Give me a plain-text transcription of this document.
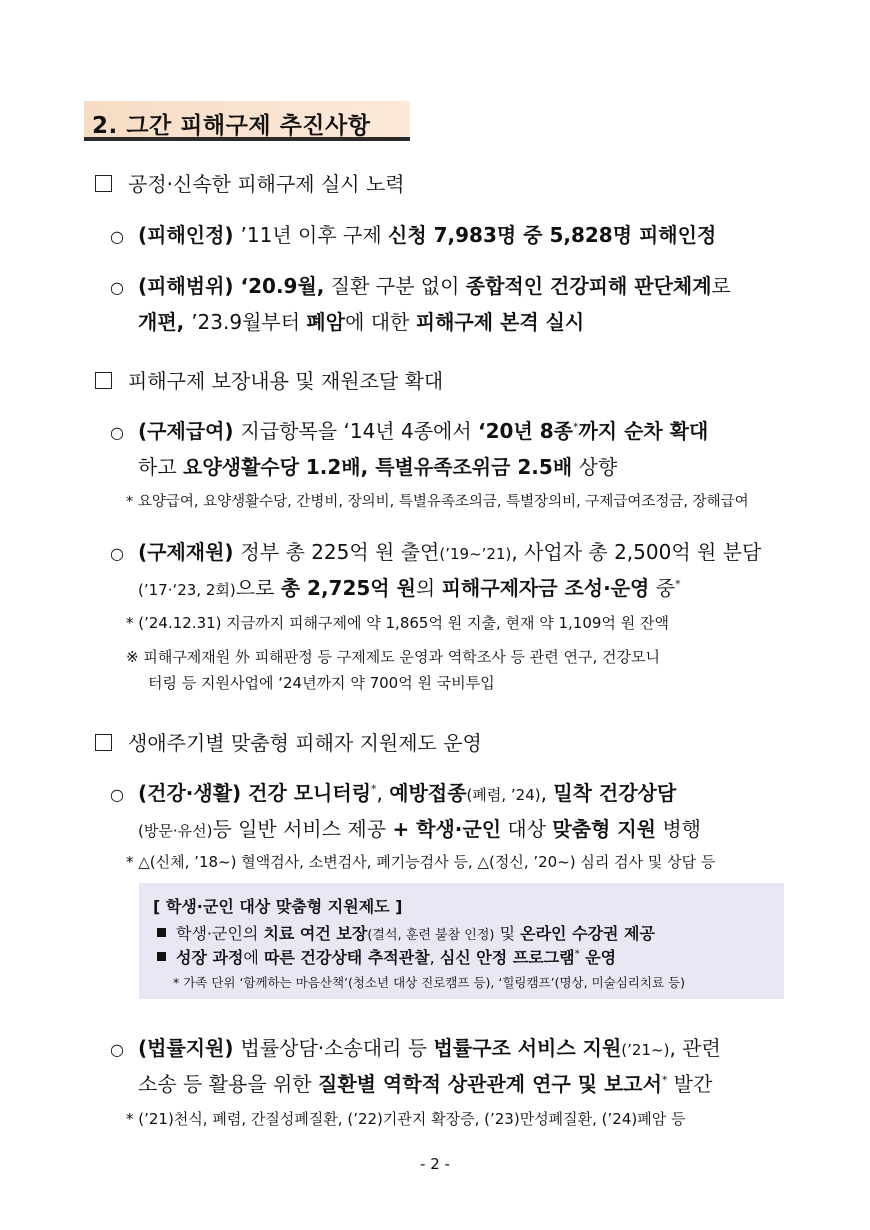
2. 그간 피해구제 추진사항
공정·신속한 피해구제 실시 노력
○ (피해인정) ’11년 이후 구제 신청 7,983명 중 5,828명 피해인정
○ (피해범위) ‘20.9월, 질환 구분 없이 종합적인 건강피해 판단체계로
개편, ’23.9월부터 폐암에 대한 피해구제 본격 실시
피해구제 보장내용 및 재원조달 확대
○ (구제급여) 지급항목을 ‘14년 4종에서 ‘20년 8종*까지 순차 확대
하고 요양생활수당 1.2배, 특별유족조위금 2.5배 상향
* 요양급여, 요양생활수당, 간병비, 장의비, 특별유족조의금, 특별장의비, 구제급여조정금, 장해급여
○ (구제재원) 정부 총 225억 원 출연(’19~’21), 사업자 총 2,500억 원 분담
(’17·‘23, 2회)으로 총 2,725억 원의 피해구제자금 조성·운영 중*
* (’24.12.31) 지금까지 피해구제에 약 1,865억 원 지출, 현재 약 1,109억 원 잔액
※ 피해구제재원 外 피해판정 등 구제제도 운영과 역학조사 등 관련 연구, 건강모니
터링 등 지원사업에 ‘24년까지 약 700억 원 국비투입
생애주기별 맞춤형 피해자 지원제도 운영
○ (건강·생활) 건강 모니터링*, 예방접종(폐렴, ’24), 밀착 건강상담
(방문·유선)등 일반 서비스 제공 + 학생·군인 대상 맞춤형 지원 병행
* △(신체, ’18~) 혈액검사, 소변검사, 폐기능검사 등, △(정신, ’20~) 심리 검사 및 상담 등
[ 학생·군인 대상 맞춤형 지원제도 ]
학생·군인의 치료 여건 보장(결석, 훈련 불참 인정) 및 온라인 수강권 제공
성장 과정에 따른 건강상태 추적관찰, 심신 안정 프로그램* 운영
* 가족 단위 ‘함께하는 마음산책’(청소년 대상 진로캠프 등), ‘힐링캠프’(명상, 미술심리치료 등)
○ (법률지원) 법률상담·소송대리 등 법률구조 서비스 지원(’21~), 관련
소송 등 활용을 위한 질환별 역학적 상관관계 연구 및 보고서* 발간
* (’21)천식, 폐렴, 간질성폐질환, (’22)기관지 확장증, (’23)만성폐질환, (’24)폐암 등
- 2 -
